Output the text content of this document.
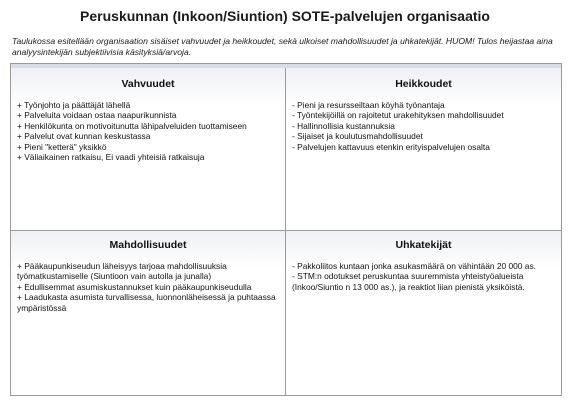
Peruskunnan (Inkoon/Siuntion) SOTE-palvelujen organisaatio
Taulukossa esitellään organisaation sisäiset vahvuudet ja heikkoudet, sekä ulkoiset mahdollisuudet ja uhkatekijät. HUOM! Tulos heijastaa aina analyysintekijän subjektiivisia käsityksiä/arvoja.
Vahvuudet
+ Työnjohto ja päättäjät lähellä
+ Palveluita voidaan ostaa naapurikunnista
+ Henkilökunta on motivoitunutta lähipalveluiden tuottamiseen
+ Palvelut ovat kunnan keskustassa
+ Pieni "ketterä" yksikkö
+ Väliaikainen ratkaisu, Ei vaadi yhteisiä ratkaisuja
Heikkoudet
- Pieni ja resursseiltaan köyhä työnantaja
- Työntekijöillä on rajoitetut urakehityksen mahdollisuudet
- Hallinnollisia kustannuksia
- Sijaiset ja koulutusmahdollisuudet
- Palvelujen kattavuus etenkin erityispalvelujen osalta
Mahdollisuudet
+ Pääkaupunkiseudun läheisyys tarjoaa mahdollisuuksia työmatkustamiselle (Siuntioon vain autolla ja junalla)
+ Edullisemmat asumiskustannukset kuin pääkaupunkiseudulla
+ Laadukasta asumista turvallisessa, luonnonläheisessä ja puhtaassa ympäristössä
Uhkatekijät
- Pakkoliitos kuntaan jonka asukasmäärä on vähintään 20 000 as.
- STM:n odotukset peruskuntaa suuremmista yhteistyöalueista (Inkoo/Siuntio n 13 000 as.), ja reaktiot liian pienistä yksiköistä.
